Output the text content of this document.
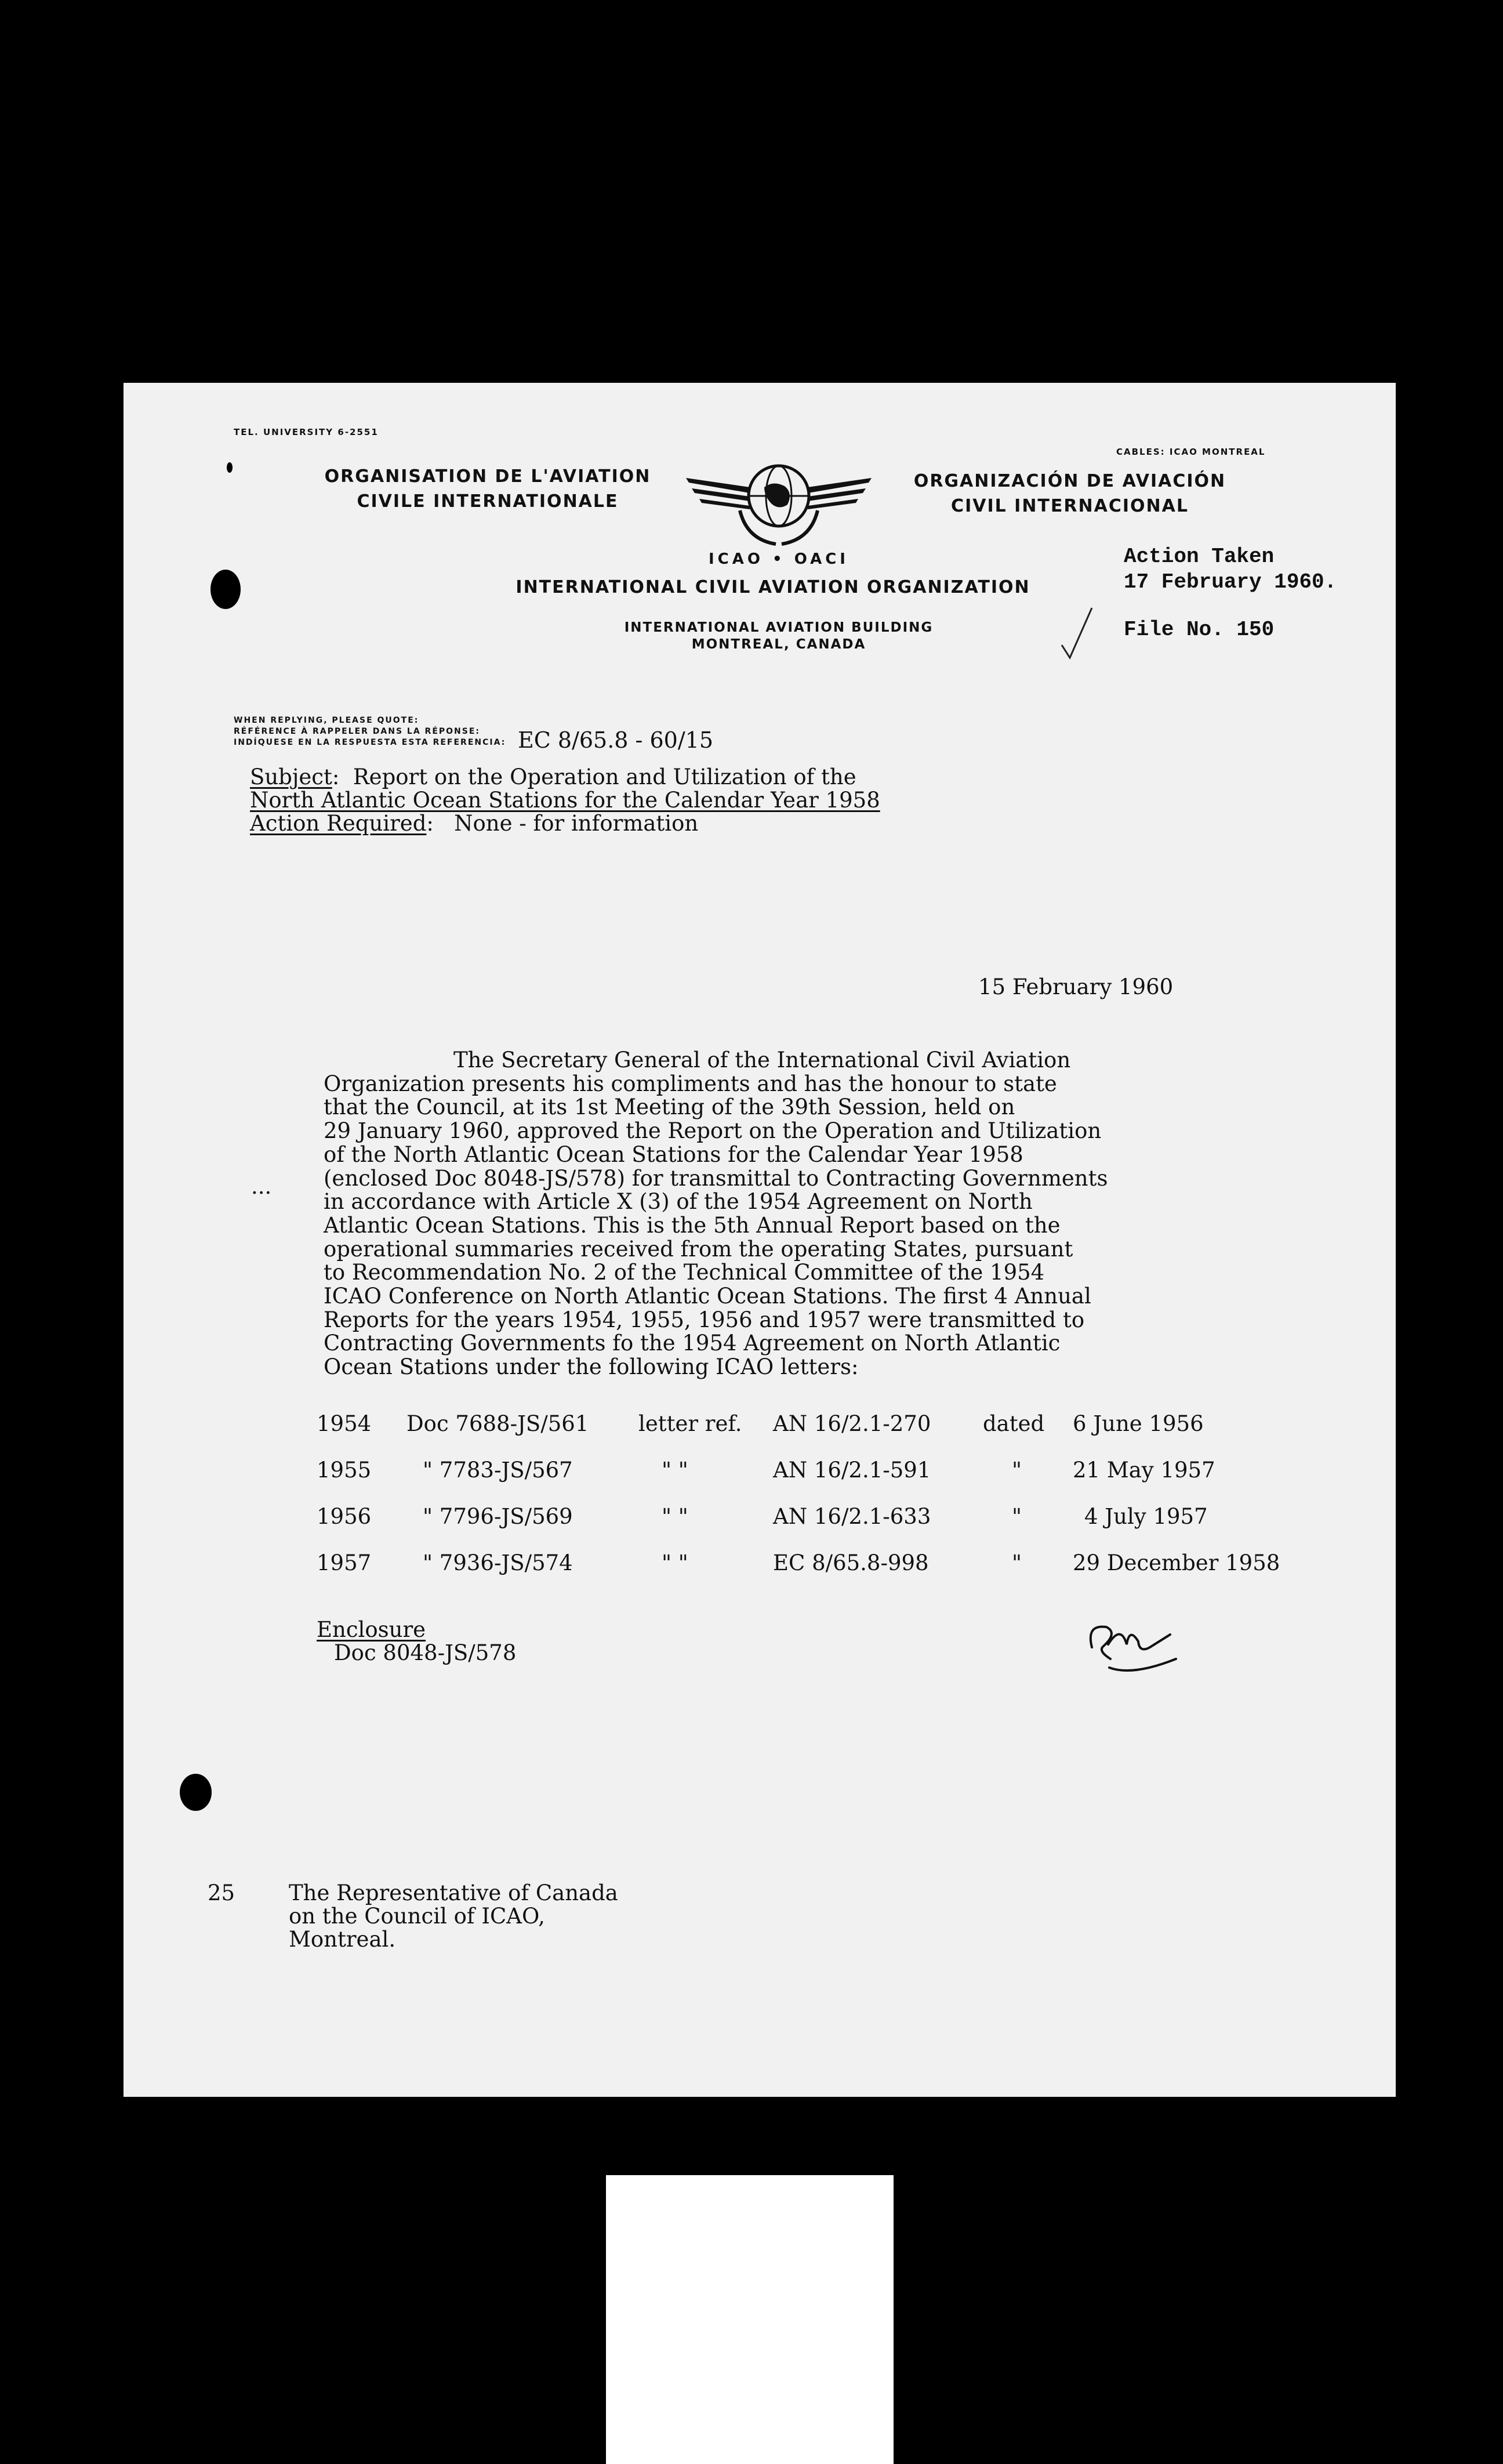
TEL. UNIVERSITY 6-2551
CABLES: ICAO MONTREAL
ORGANISATION DE L'AVIATION
CIVILE INTERNATIONALE
ORGANIZACIÓN DE AVIACIÓN
CIVIL INTERNACIONAL
ICAO • OACI
INTERNATIONAL CIVIL AVIATION ORGANIZATION
INTERNATIONAL AVIATION BUILDING
MONTREAL, CANADA
Action Taken
17 February 1960.
File No. 150
WHEN REPLYING, PLEASE QUOTE:
RÉFÉRENCE À RAPPELER DANS LA RÉPONSE:
INDÍQUESE EN LA RESPUESTA ESTA REFERENCIA: EC 8/65.8 - 60/15
Subject:  Report on the Operation and Utilization of the
North Atlantic Ocean Stations for the Calendar Year 1958
Action Required:   None - for information
15 February 1960
The Secretary General of the International Civil Aviation
Organization presents his compliments and has the honour to state
that the Council, at its 1st Meeting of the 39th Session, held on
29 January 1960, approved the Report on the Operation and Utilization
of the North Atlantic Ocean Stations for the Calendar Year 1958
(enclosed Doc 8048-JS/578) for transmittal to Contracting Governments
in accordance with Article X (3) of the 1954 Agreement on North
Atlantic Ocean Stations. This is the 5th Annual Report based on the
operational summaries received from the operating States, pursuant
to Recommendation No. 2 of the Technical Committee of the 1954
ICAO Conference on North Atlantic Ocean Stations. The first 4 Annual
Reports for the years 1954, 1955, 1956 and 1957 were transmitted to
Contracting Governments fo the 1954 Agreement on North Atlantic
Ocean Stations under the following ICAO letters:
...
1954	Doc 7688-JS/561	letter ref.	AN 16/2.1-270	dated	6 June 1956
1955	" 7783-JS/567	" "	AN 16/2.1-591	"	21 May 1957
1956	" 7796-JS/569	" "	AN 16/2.1-633	"	4 July 1957
1957	" 7936-JS/574	" "	EC 8/65.8-998	"	29 December 1958
Enclosure
Doc 8048-JS/578
25	The Representative of Canada
on the Council of ICAO,
Montreal.
